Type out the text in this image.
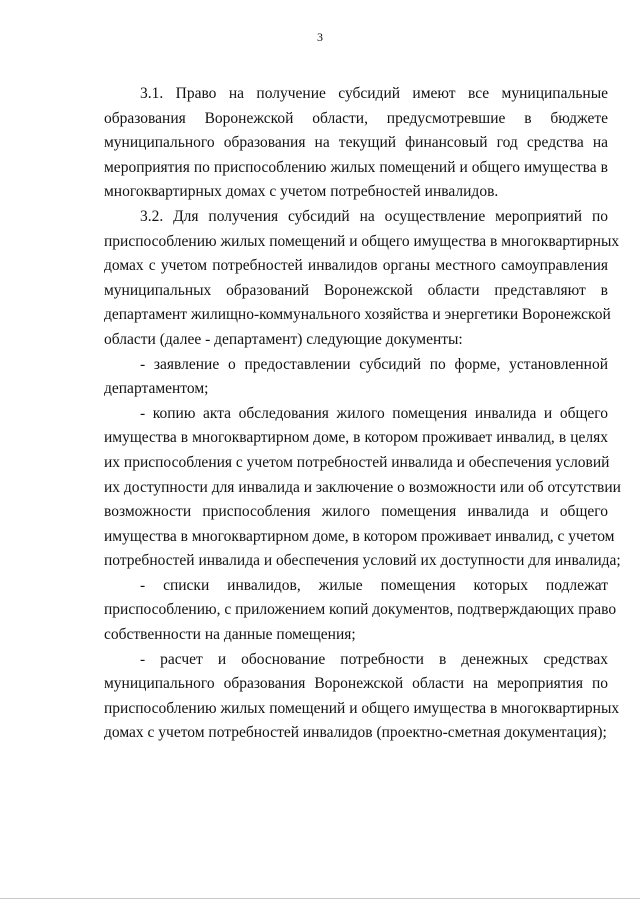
3
3.1. Право на получение субсидий имеют все муниципальные
образования Воронежской области, предусмотревшие в бюджете
муниципального образования на текущий финансовый год средства на
мероприятия по приспособлению жилых помещений и общего имущества в
многоквартирных домах с учетом потребностей инвалидов.
3.2. Для получения субсидий на осуществление мероприятий по
приспособлению жилых помещений и общего имущества в многоквартирных
домах с учетом потребностей инвалидов органы местного самоуправления
муниципальных образований Воронежской области представляют в
департамент жилищно-коммунального хозяйства и энергетики Воронежской
области (далее - департамент) следующие документы:
- заявление о предоставлении субсидий по форме, установленной
департаментом;
- копию акта обследования жилого помещения инвалида и общего
имущества в многоквартирном доме, в котором проживает инвалид, в целях
их приспособления с учетом потребностей инвалида и обеспечения условий
их доступности для инвалида и заключение о возможности или об отсутствии
возможности приспособления жилого помещения инвалида и общего
имущества в многоквартирном доме, в котором проживает инвалид, с учетом
потребностей инвалида и обеспечения условий их доступности для инвалида;
- списки инвалидов, жилые помещения которых подлежат
приспособлению, с приложением копий документов, подтверждающих право
собственности на данные помещения;
- расчет и обоснование потребности в денежных средствах
муниципального образования Воронежской области на мероприятия по
приспособлению жилых помещений и общего имущества в многоквартирных
домах с учетом потребностей инвалидов (проектно-сметная документация);
